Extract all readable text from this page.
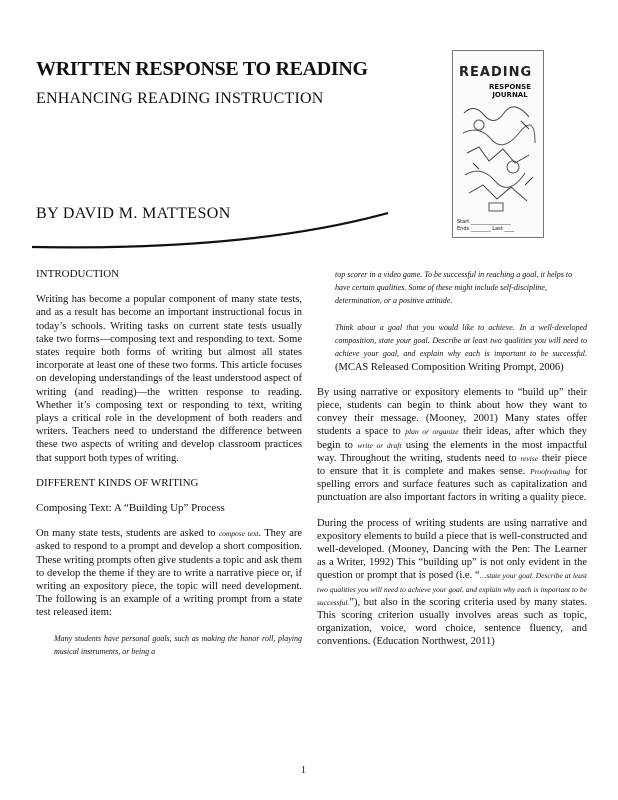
WRITTEN RESPONSE TO READING
ENHANCING READING INSTRUCTION
BY DAVID M. MATTESON
READING
RESPONSE JOURNAL
Start ________________
Ends ________ Last ____
INTRODUCTION

Writing has become a popular component of many state tests, and as a result has become an important instructional focus in today’s schools. Writing tasks on current state tests usually take two forms—composing text and responding to text. Some states require both forms of writing but almost all states incorporate at least one of these two forms. This article focuses on developing understandings of the least understood aspect of writing (and reading)—the written response to reading. Whether it’s composing text or responding to text, writing plays a critical role in the development of both readers and writers. Teachers need to understand the difference between these two aspects of writing and develop classroom practices that support both types of writing.

DIFFERENT KINDS OF WRITING
Composing Text: A “Building Up” Process

On many state tests, students are asked to compose text. They are asked to respond to a prompt and develop a short composition. These writing prompts often give students a topic and ask them to develop the theme if they are to write a narrative piece or, if writing an expository piece, the topic will need development. The following is an example of a writing prompt from a state test released item:

Many students have personal goals, such as making the honor roll, playing musical instruments, or being a
top scorer in a video game. To be successful in reaching a goal, it helps to have certain qualities. Some of these might include self-discipline, determination, or a positive attitude.
Think about a goal that you would like to achieve. In a well-developed composition, state your goal. Describe at least two qualities you will need to achieve your goal, and explain why each is important to be successful. (MCAS Released Composition Writing Prompt, 2006)

By using narrative or expository elements to “build up” their piece, students can begin to think about how they want to convey their message. (Mooney, 2001) Many states offer students a space to plan or organize their ideas, after which they begin to write or draft using the elements in the most impactful way. Throughout the writing, students need to revise their piece to ensure that it is complete and makes sense. Proofreading for spelling errors and surface features such as capitalization and punctuation are also important factors in writing a quality piece.

During the process of writing students are using narrative and expository elements to build a piece that is well-constructed and well-developed. (Mooney, Dancing with the Pen: The Learner as a Writer, 1992) This “building up” is not only evident in the question or prompt that is posed (i.e. “…state your goal. Describe at least two qualities you will need to achieve your goal, and explain why each is important to be successful.”), but also in the scoring criteria used by many states. This scoring criterion usually involves areas such as topic, organization, voice, word choice, sentence fluency, and conventions. (Education Northwest, 2011)

1
